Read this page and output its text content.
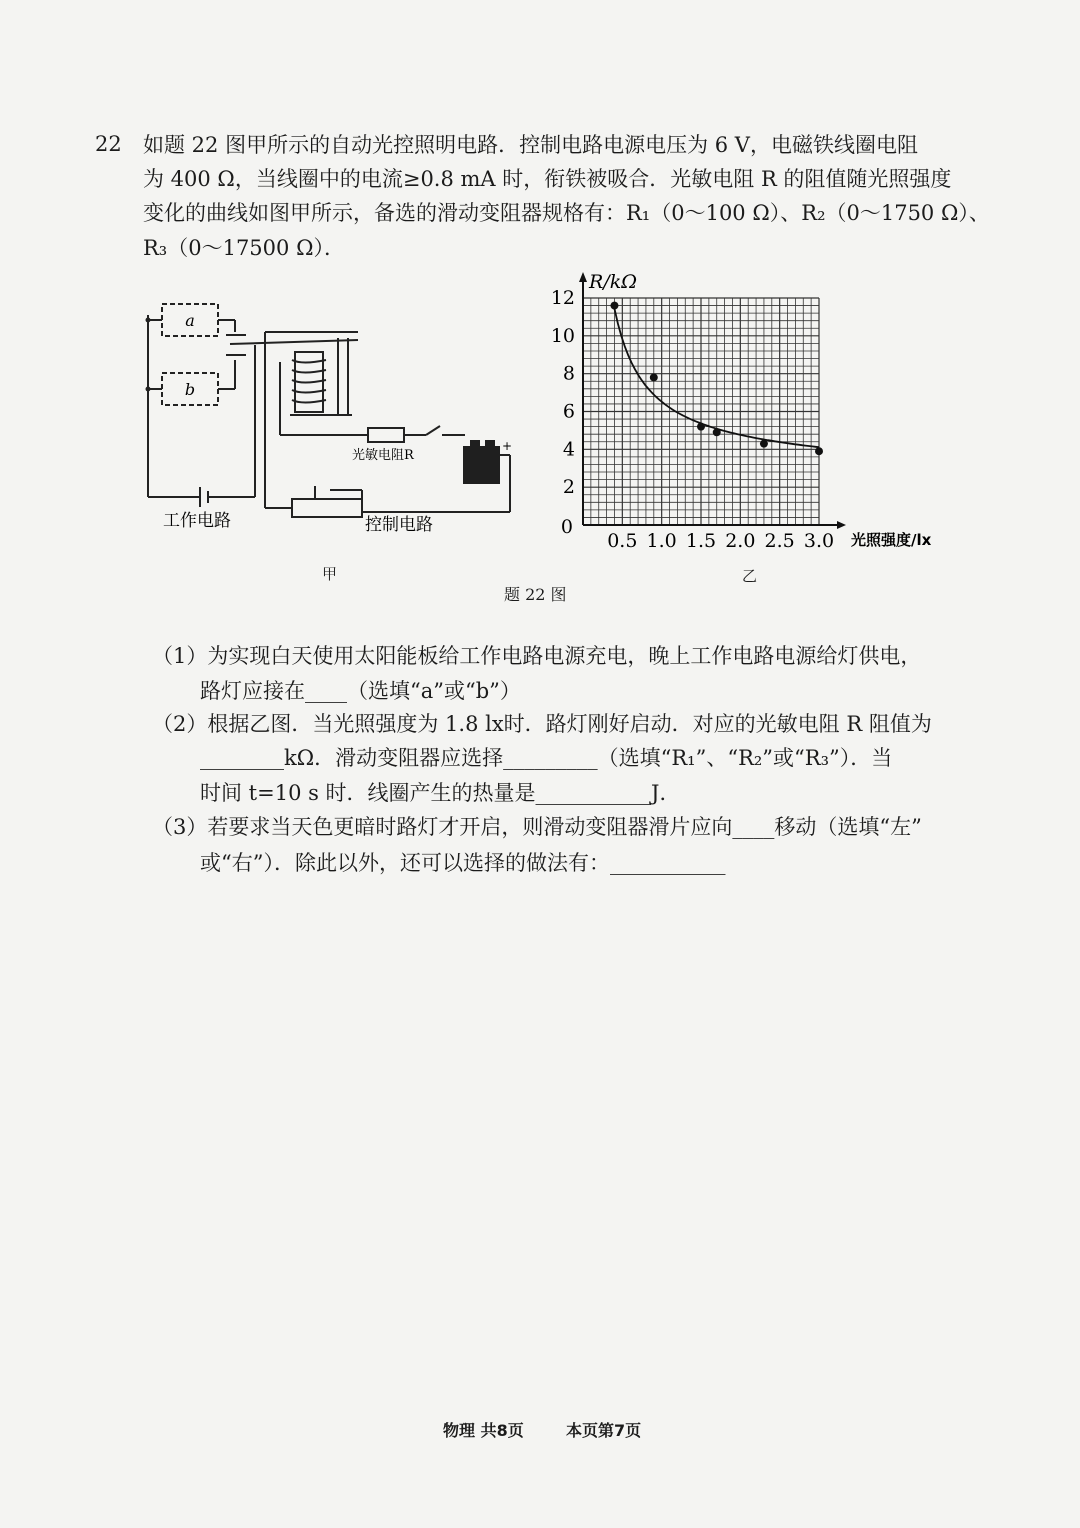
22 如题 22 图甲所示的自动光控照明电路．控制电路电源电压为 6 V，电磁铁线圈电阻
为 400 Ω，当线圈中的电流≥0.8 mA 时，衔铁被吸合．光敏电阻 R 的阻值随光照强度
变化的曲线如图甲所示，备选的滑动变阻器规格有：R₁（0～100 Ω）、R₂（0～1750 Ω）、
R₃（0～17500 Ω）．
a
b
光敏电阻R
+
工作电路	控制电路
R/kΩ
光照强度/lx
0.5 1.0 1.5 2.0 2.5 3.0
2
4
6
8
10
12
0
甲	乙
题 22 图
（1）为实现白天使用太阳能板给工作电路电源充电，晚上工作电路电源给灯供电，
路灯应接在____（选填“a”或“b”）
（2）根据乙图．当光照强度为 1.8 lx时．路灯刚好启动．对应的光敏电阻 R 阻值为
________kΩ．滑动变阻器应选择_________（选填“R₁”、“R₂”或“R₃”）．当
时间 t=10 s 时．线圈产生的热量是___________J．
（3）若要求当天色更暗时路灯才开启，则滑动变阻器滑片应向____移动（选填“左”
或“右”）．除此以外，还可以选择的做法有：___________
物理 共8页	本页第7页
